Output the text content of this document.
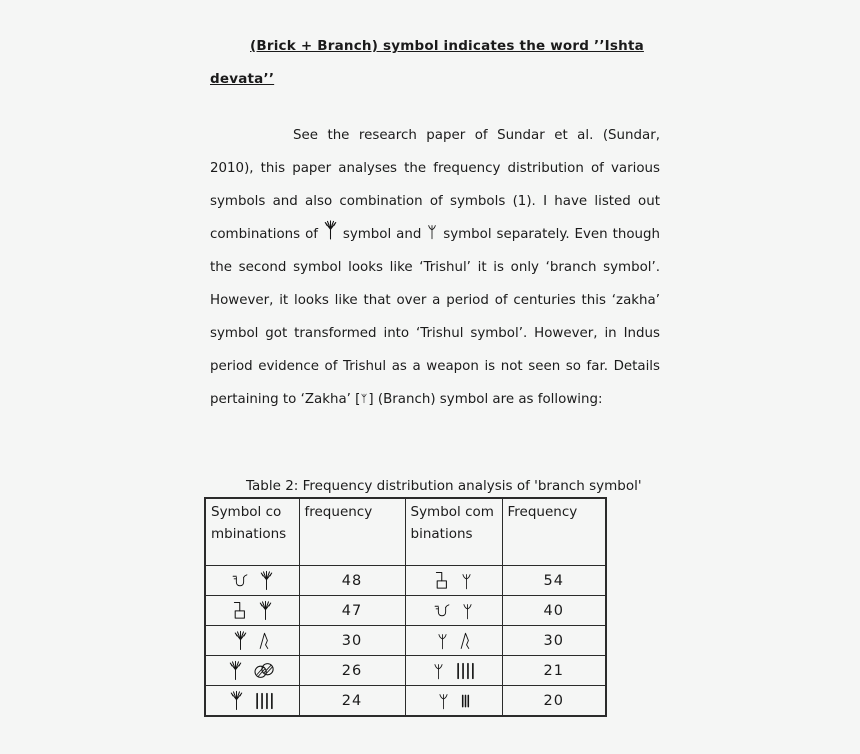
(Brick + Branch) symbol indicates the word ’’Ishta
devata’’
See the research paper of Sundar et al. (Sundar, 2010), this paper analyses the frequency distribution of various symbols and also combination of symbols (1). I have listed out combinations of  symbol and  symbol separately. Even though the second symbol looks like ‘Trishul’ it is only ‘branch symbol’. However, it looks like that over a period of centuries this ‘zakha’ symbol got transformed into ‘Trishul symbol’. However, in Indus period evidence of Trishul as a weapon is not seen so far. Details pertaining to ‘Zakha’ [ ] (Branch) symbol are as following:
Table 2: Frequency distribution analysis of 'branch symbol'
Symbol combinations	frequency	Symbol combinations	Frequency
	48		54
	47		40
	30		30
	26		21
	24		20
